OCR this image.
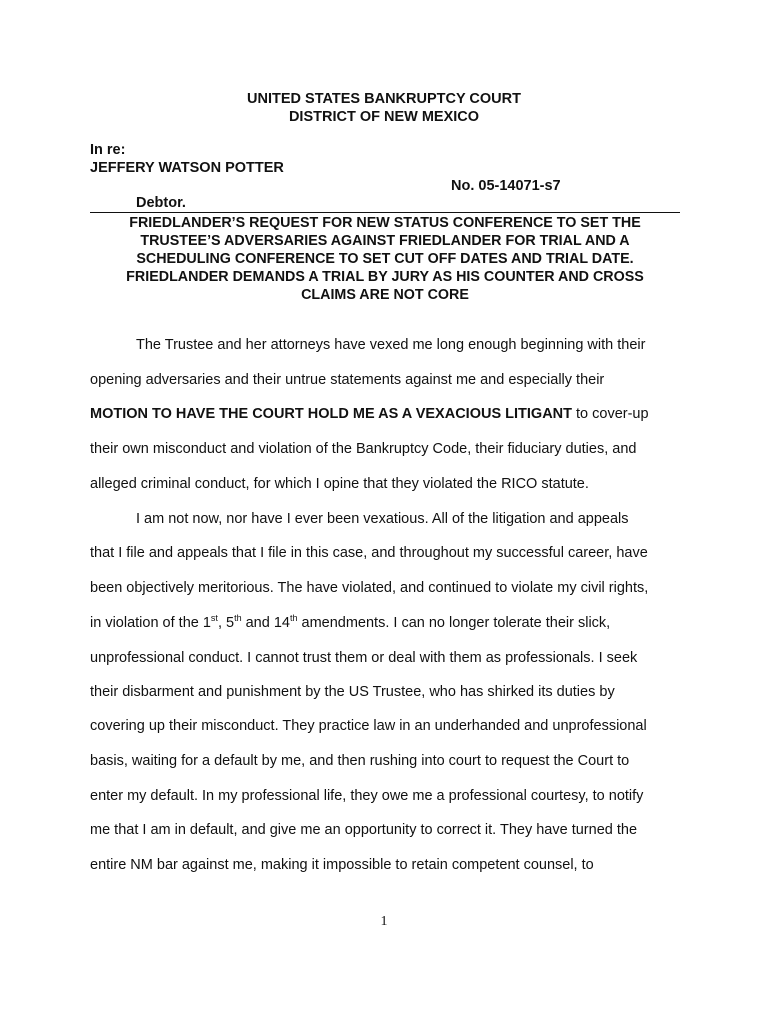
UNITED STATES BANKRUPTCY COURT
DISTRICT OF NEW MEXICO
In re:
JEFFERY WATSON POTTER
No. 05-14071-s7
Debtor.
FRIEDLANDER’S REQUEST FOR NEW STATUS CONFERENCE TO SET THE
TRUSTEE’S ADVERSARIES AGAINST FRIEDLANDER FOR TRIAL AND A
SCHEDULING CONFERENCE TO SET CUT OFF DATES AND TRIAL DATE.
FRIEDLANDER DEMANDS A TRIAL BY JURY AS HIS COUNTER AND CROSS
CLAIMS ARE NOT CORE
The Trustee and her attorneys have vexed me long enough beginning with their
opening adversaries and their untrue statements against me and especially their
MOTION TO HAVE THE COURT HOLD ME AS A VEXACIOUS LITIGANT to cover-up
their own misconduct and violation of the Bankruptcy Code, their fiduciary duties, and
alleged criminal conduct, for which I opine that they violated the RICO statute.
I am not now, nor have I ever been vexatious. All of the litigation and appeals
that I file and appeals that I file in this case, and throughout my successful career, have
been objectively meritorious. The have violated, and continued to violate my civil rights,
in violation of the 1st, 5th and 14th amendments. I can no longer tolerate their slick,
unprofessional conduct. I cannot trust them or deal with them as professionals. I seek
their disbarment and punishment by the US Trustee, who has shirked its duties by
covering up their misconduct. They practice law in an underhanded and unprofessional
basis, waiting for a default by me, and then rushing into court to request the Court to
enter my default. In my professional life, they owe me a professional courtesy, to notify
me that I am in default, and give me an opportunity to correct it. They have turned the
entire NM bar against me, making it impossible to retain competent counsel, to
1
